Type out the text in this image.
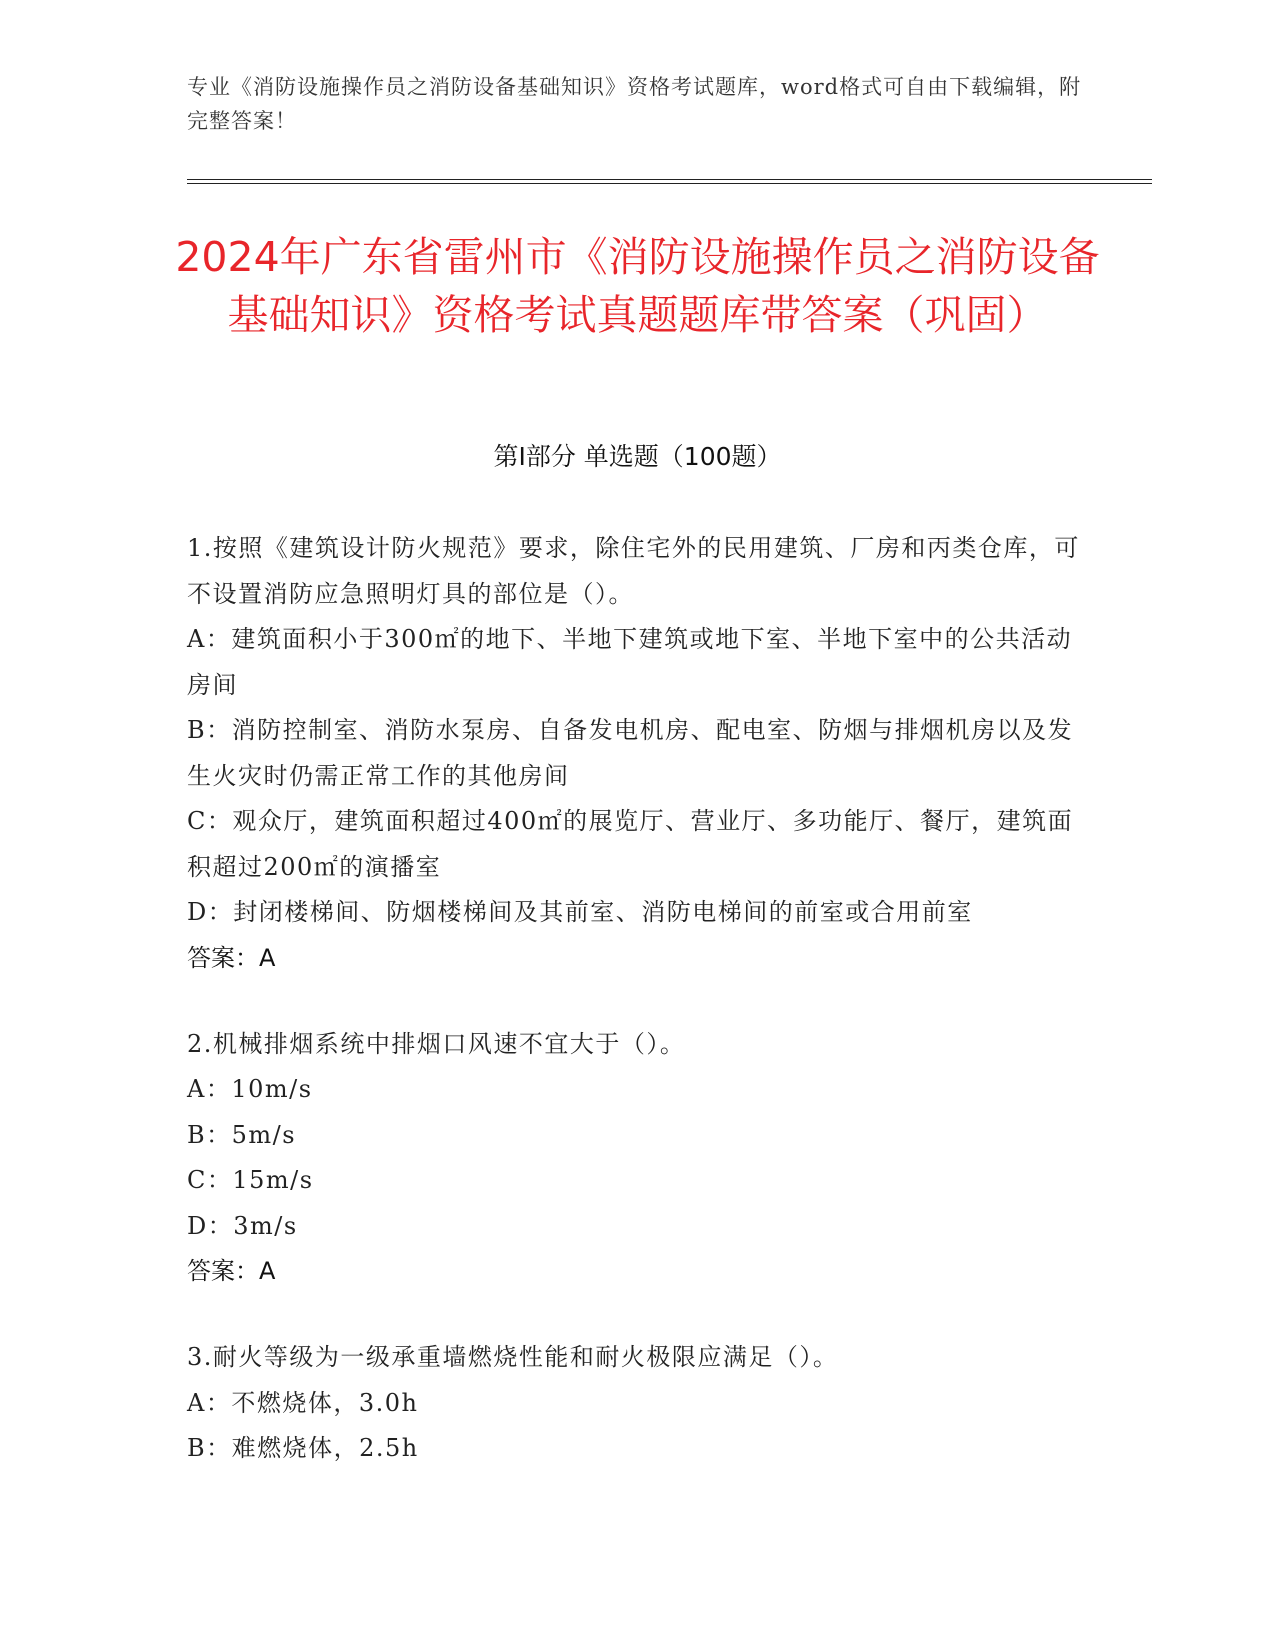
专业《消防设施操作员之消防设备基础知识》资格考试题库，word格式可自由下载编辑，附完整答案！
2024年广东省雷州市《消防设施操作员之消防设备基础知识》资格考试真题题库带答案（巩固）
第Ⅰ部分 单选题（100题）
1.按照《建筑设计防火规范》要求，除住宅外的民用建筑、厂房和丙类仓库，可不设置消防应急照明灯具的部位是（）。
A：建筑面积小于300㎡的地下、半地下建筑或地下室、半地下室中的公共活动房间
B：消防控制室、消防水泵房、自备发电机房、配电室、防烟与排烟机房以及发生火灾时仍需正常工作的其他房间
C：观众厅，建筑面积超过400㎡的展览厅、营业厅、多功能厅、餐厅，建筑面积超过200㎡的演播室
D：封闭楼梯间、防烟楼梯间及其前室、消防电梯间的前室或合用前室
答案：A
2.机械排烟系统中排烟口风速不宜大于（）。
A：10m/s
B：5m/s
C：15m/s
D：3m/s
答案：A
3.耐火等级为一级承重墙燃烧性能和耐火极限应满足（）。
A：不燃烧体，3.0h
B：难燃烧体，2.5h
